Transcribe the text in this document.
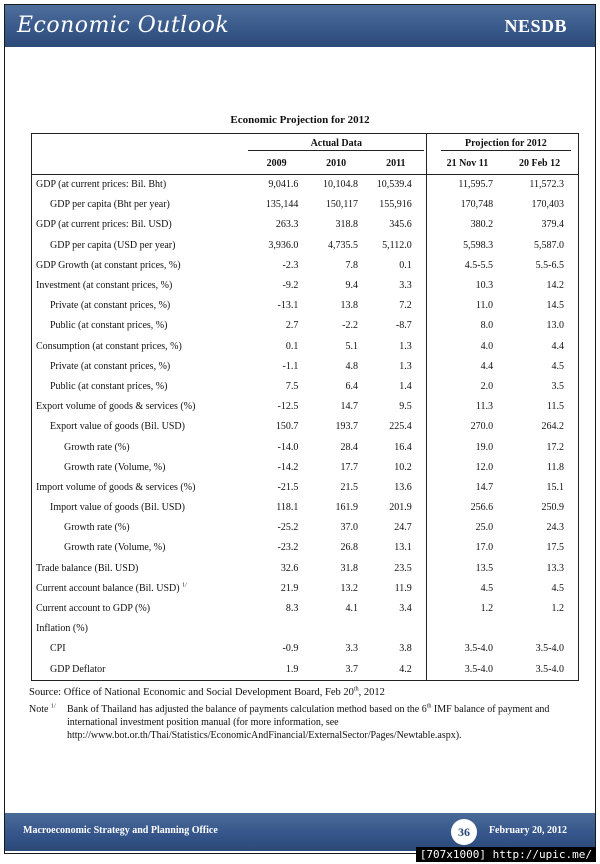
Economic Outlook	NESDB
Economic Projection for 2012
	Actual Data				Projection for 2012	
	2009	2010	2011		21 Nov 11	20 Feb 12
GDP (at current prices: Bil. Bht)	9,041.6	10,104.8	10,539.4		11,595.7	11,572.3
GDP per capita (Bht per year)	135,144	150,117	155,916		170,748	170,403
GDP (at current prices: Bil. USD)	263.3	318.8	345.6		380.2	379.4
GDP per capita (USD per year)	3,936.0	4,735.5	5,112.0		5,598.3	5,587.0
GDP Growth (at constant prices, %)	-2.3	7.8	0.1		4.5-5.5	5.5-6.5
Investment (at constant prices, %)	-9.2	9.4	3.3		10.3	14.2
Private (at constant prices, %)	-13.1	13.8	7.2		11.0	14.5
Public (at constant prices, %)	2.7	-2.2	-8.7		8.0	13.0
Consumption (at constant prices, %)	0.1	5.1	1.3		4.0	4.4
Private (at constant prices, %)	-1.1	4.8	1.3		4.4	4.5
Public (at constant prices, %)	7.5	6.4	1.4		2.0	3.5
Export volume of goods & services (%)	-12.5	14.7	9.5		11.3	11.5
Export value of goods (Bil. USD)	150.7	193.7	225.4		270.0	264.2
Growth rate (%)	-14.0	28.4	16.4		19.0	17.2
Growth rate (Volume, %)	-14.2	17.7	10.2		12.0	11.8
Import volume of goods & services (%)	-21.5	21.5	13.6		14.7	15.1
Import value of goods (Bil. USD)	118.1	161.9	201.9		256.6	250.9
Growth rate (%)	-25.2	37.0	24.7		25.0	24.3
Growth rate (Volume, %)	-23.2	26.8	13.1		17.0	17.5
Trade balance (Bil. USD)	32.6	31.8	23.5		13.5	13.3
Current account balance (Bil. USD) $^{1/}$	21.9	13.2	11.9		4.5	4.5
Current account to GDP (%)	8.3	4.1	3.4		1.2	1.2
Inflation (%)						
CPI	-0.9	3.3	3.8		3.5-4.0	3.5-4.0
GDP Deflator	1.9	3.7	4.2		3.5-4.0	3.5-4.0
Source: Office of National Economic and Social Development Board, Feb 20th, 2012
Note $^{1/}$ Bank of Thailand has adjusted the balance of payments calculation method based on the 6th IMF balance of payment and international investment position manual (for more information, see http://www.bot.or.th/Thai/Statistics/EconomicAndFinancial/ExternalSector/Pages/Newtable.aspx).
Macroeconomic Strategy and Planning Office	36	February 20, 2012
[707x1000] http://upic.me/
